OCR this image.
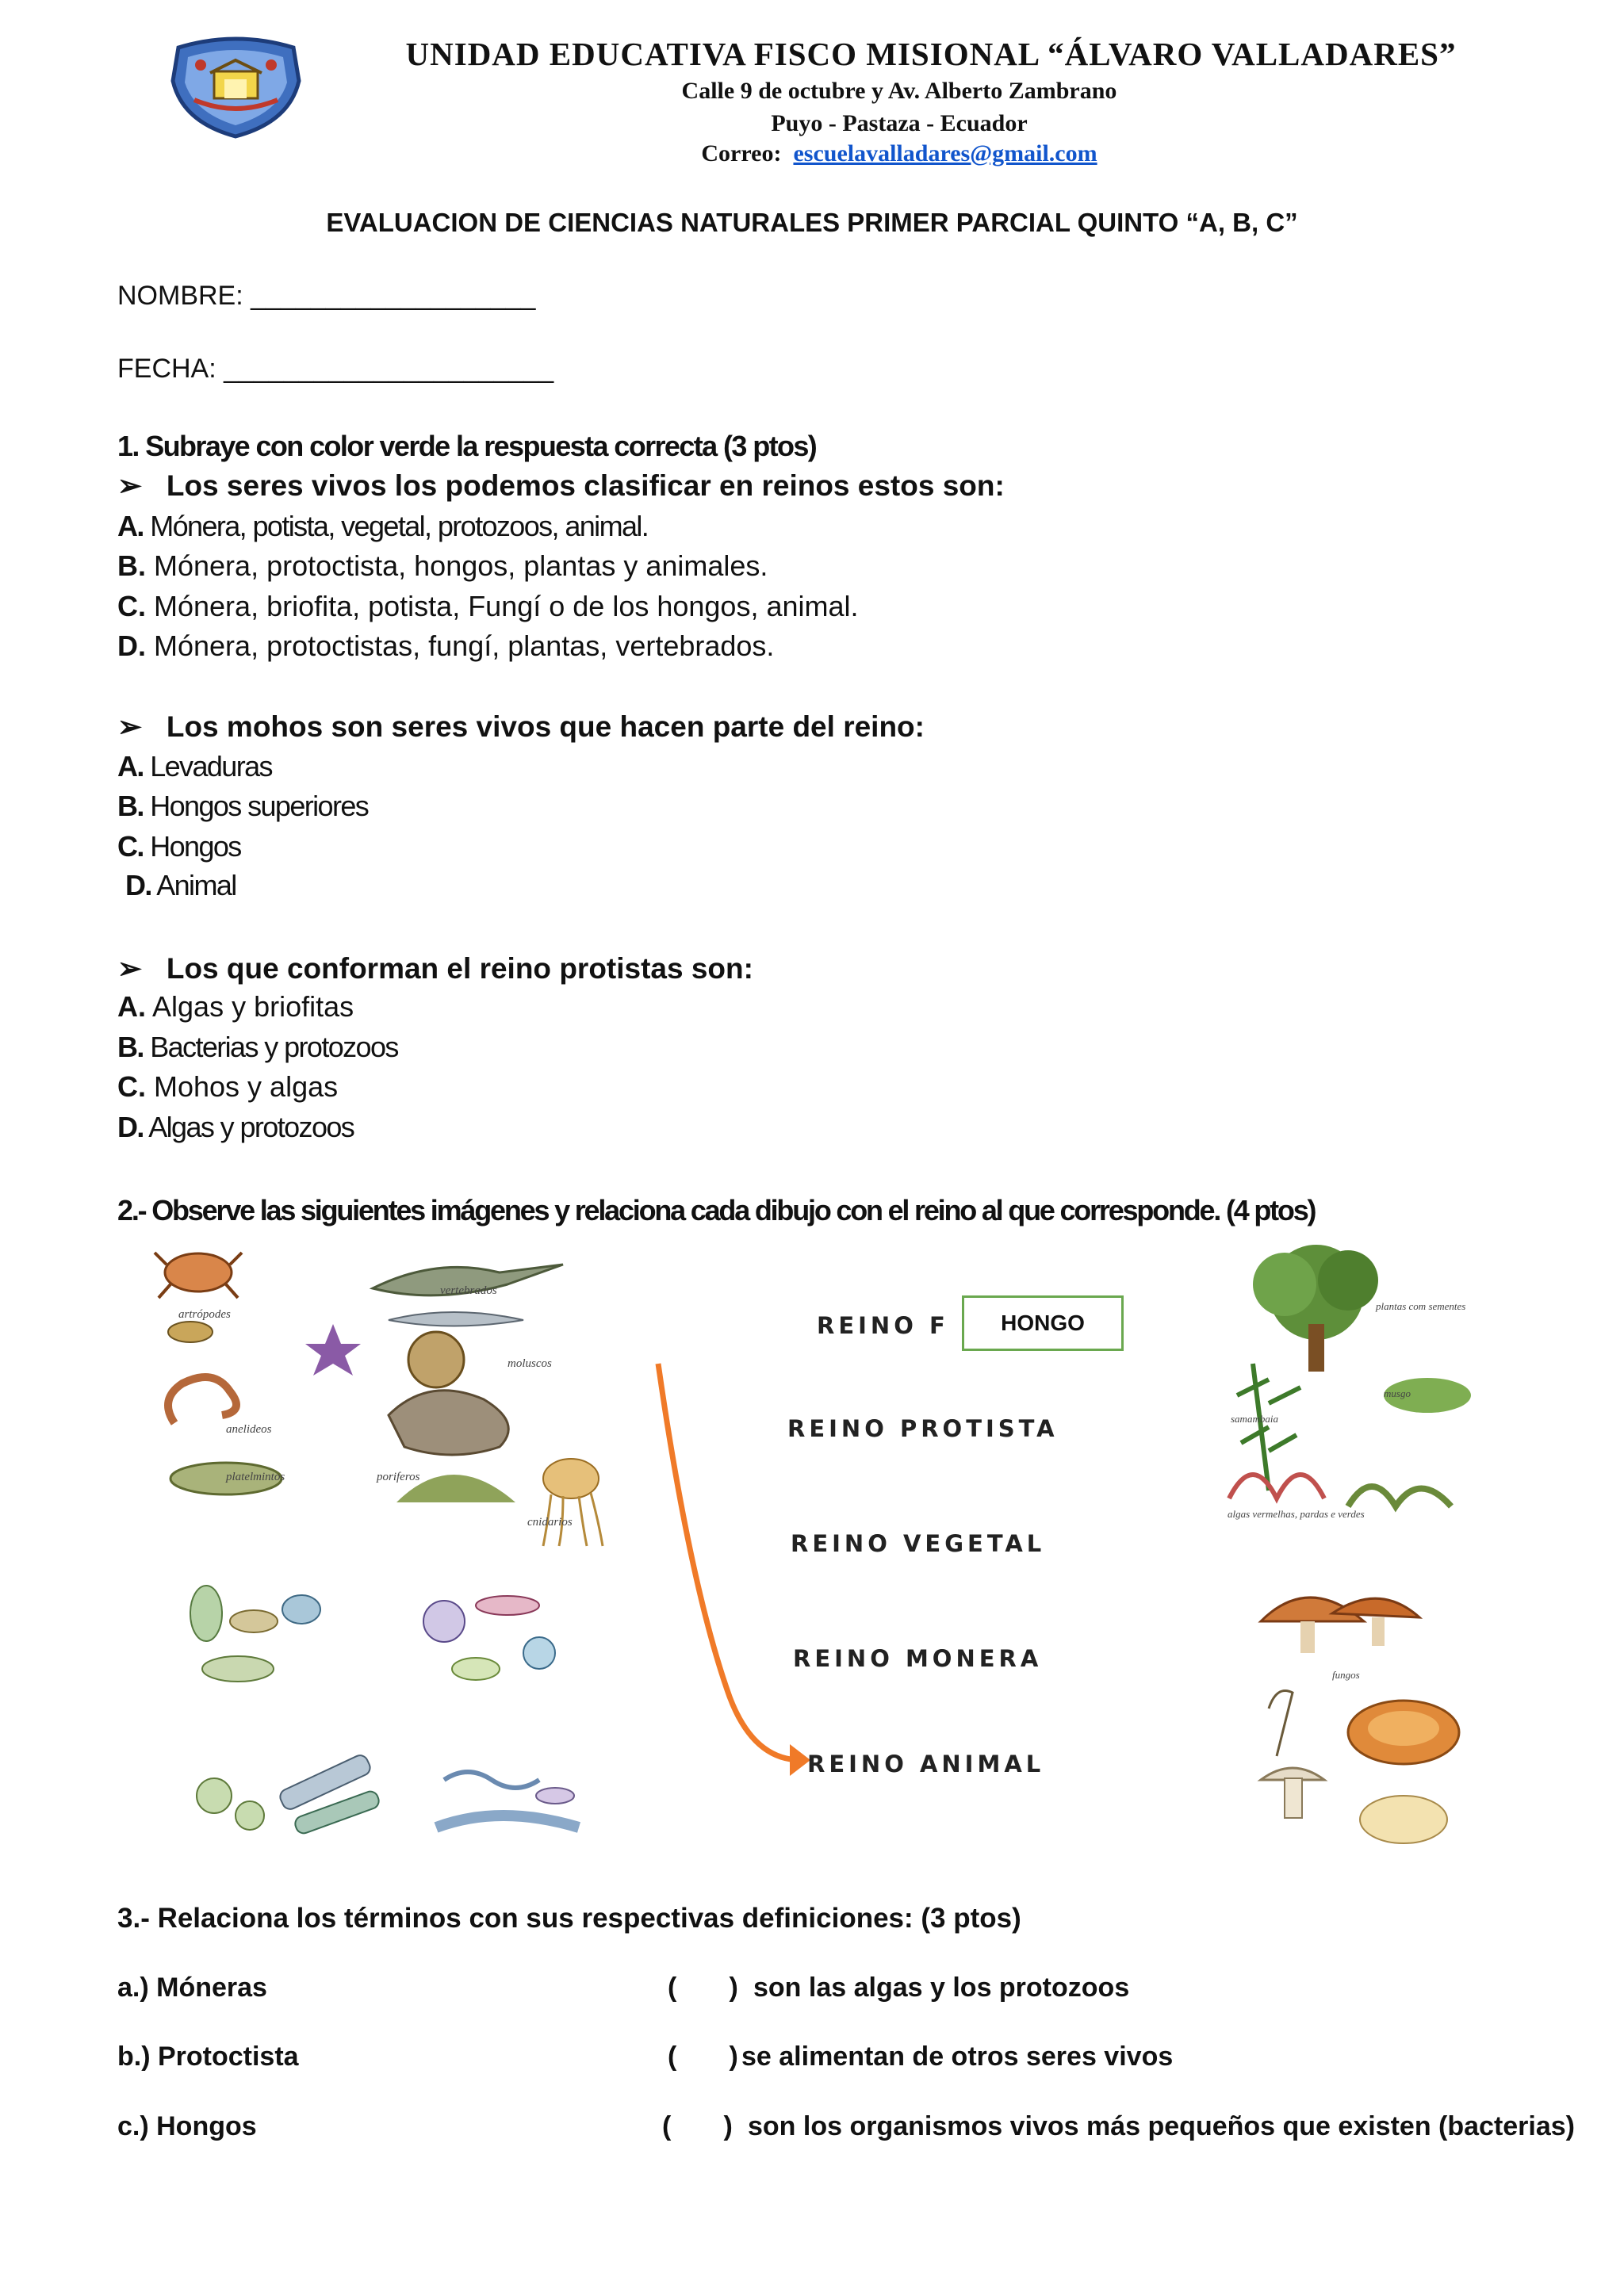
UNIDAD EDUCATIVA FISCO MISIONAL “ÁLVARO VALLADARES”
Calle 9 de octubre y Av. Alberto Zambrano
Puyo - Pastaza - Ecuador
Correo: escuelavalladares@gmail.com
EVALUACION DE CIENCIAS NATURALES PRIMER PARCIAL QUINTO “A, B, C”
NOMBRE: ___________________
FECHA: ______________________
1. Subraye con color verde la respuesta correcta (3 ptos)
➢ Los seres vivos los podemos clasificar en reinos estos son:
A. Mónera, potista, vegetal, protozoos, animal.
B. Mónera, protoctista, hongos, plantas y animales.
C. Mónera, briofita, potista, Fungí o de los hongos, animal.
D. Mónera, protoctistas, fungí, plantas, vertebrados.
➢ Los mohos son seres vivos que hacen parte del reino:
A. Levaduras
B. Hongos superiores
C. Hongos
D. Animal
➢ Los que conforman el reino protistas son:
A. Algas y briofitas
B. Bacterias y protozoos
C. Mohos y algas
D. Algas y protozoos
2.- Observe las siguientes imágenes y relaciona cada dibujo con el reino al que corresponde. (4 ptos)
artrópodes
vertebrados
moluscos
anelideos
platelmintos	poriferos
cnidarios
REINO F	HONGO
REINO PROTISTA
REINO VEGETAL
REINO MONERA
REINO ANIMAL
plantas com sementes
samambaia
musgo
algas vermelhas, pardas e verdes
fungos
3.- Relaciona los términos con sus respectivas definiciones: (3 ptos)
a.) Móneras	(       ) son las algas y los protozoos
b.) Protoctista	(       ) se alimentan de otros seres vivos
c.) Hongos	(       ) son los organismos vivos más pequeños que existen (bacterias)
